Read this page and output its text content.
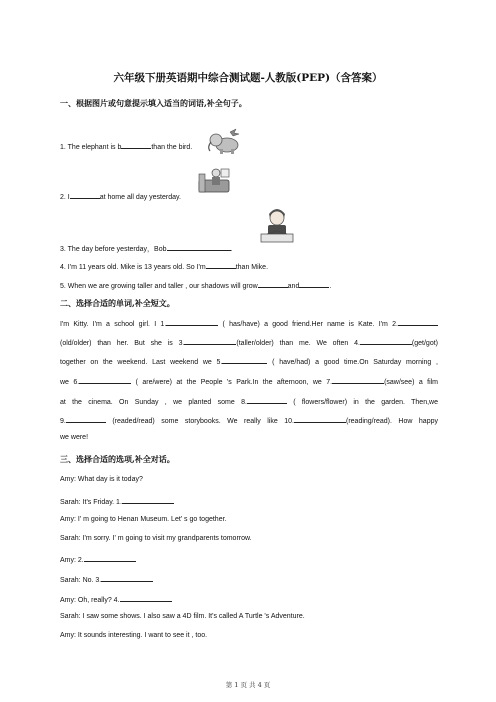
六年级下册英语期中综合测试题-人教版(PEP)（含答案）
一、根据图片或句意提示填入适当的词语,补全句子。
1. The elephant is b	than the bird.
2. I	at home all day yesterday.
3. The day before yesterday，Bob	.
4. I'm 11 years old. Mike is 13 years old. So I'm	than Mike.
5. When we are growing taller and taller , our shadows will grow	and	.
二、选择合适的单词,补全短文。
I'm Kitty. I'm a school girl. I 1.	( has/have) a good friend.Her name is Kate. I'm 2.
(old/older) than her. But she is 3.	(taller/older) than me. We often 4.	(get/got)
together on the weekend. Last weekend we 5.	( have/had) a good time.On Saturday morning ,
we 6.	( are/were) at the People 's Park.In the afternoon, we 7.	(saw/see) a film
at the cinema. On Sunday , we planted some 8.	( flowers/flower) in the garden. Then,we
9.	(readed/read) some storybooks. We really like 10.	(reading/read). How happy
we were!
三、选择合适的选项,补全对话。
Amy: What day is it today?
Sarah: It's Friday. 1.
Amy: I' m going to Henan Museum. Let' s go together.
Sarah: I'm sorry. I' m going to visit my grandparents tomorrow.
Amy: 2.
Sarah: No. 3.
Amy: Oh, really? 4.
Sarah: I saw some shows. I also saw a 4D film. It's called A Turtle 's Adventure.
Amy: It sounds interesting. I want to see it , too.
第 1 页 共 4 页
